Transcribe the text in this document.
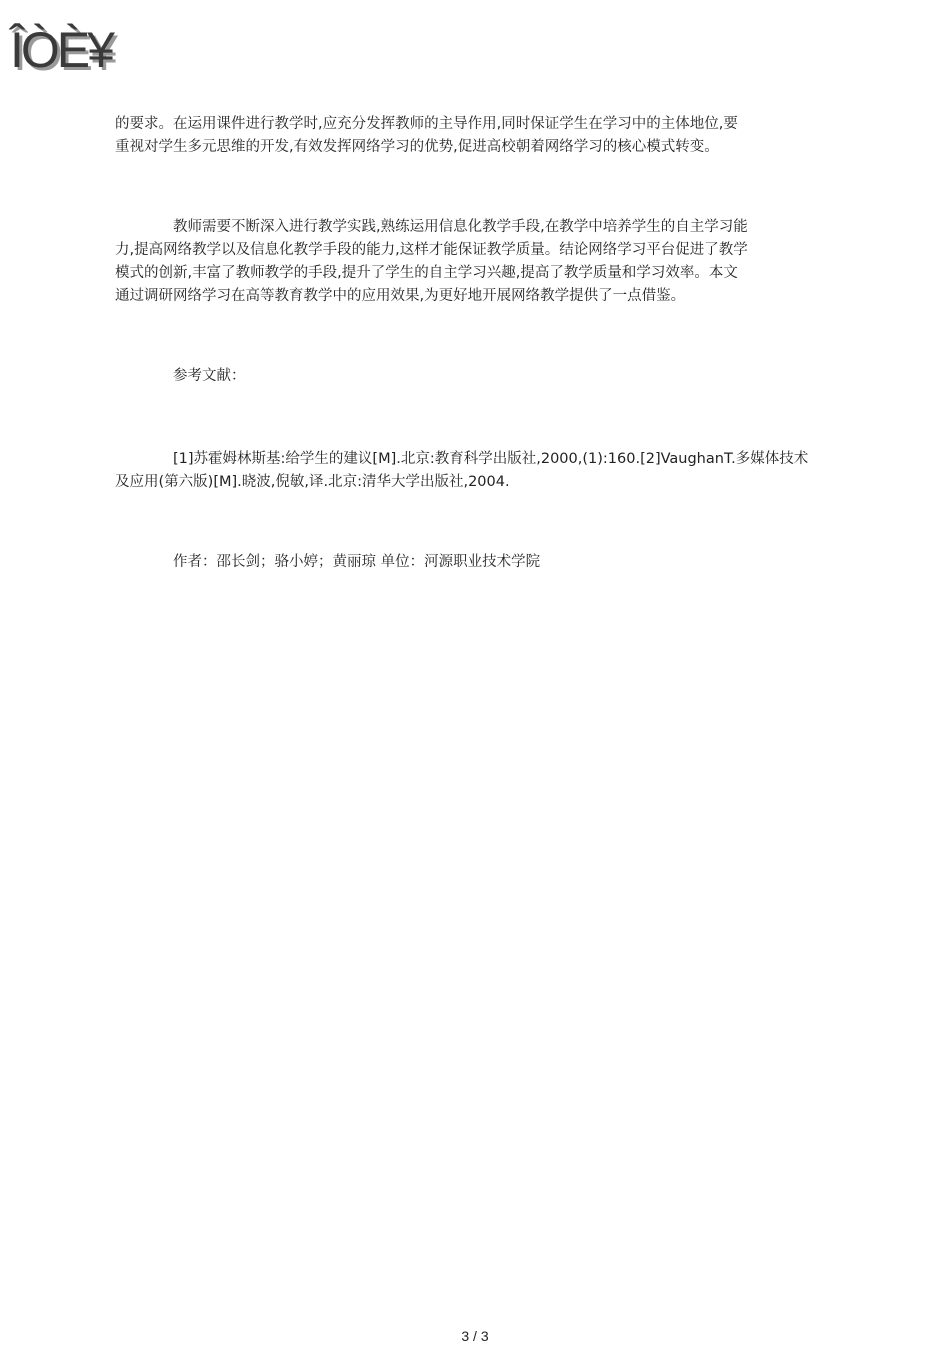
ÎÒÈ¥
的要求。在运用课件进行教学时,应充分发挥教师的主导作用,同时保证学生在学习中的主体地位,要
重视对学生多元思维的开发,有效发挥网络学习的优势,促进高校朝着网络学习的核心模式转变。
教师需要不断深入进行教学实践,熟练运用信息化教学手段,在教学中培养学生的自主学习能
力,提高网络教学以及信息化教学手段的能力,这样才能保证教学质量。结论网络学习平台促进了教学
模式的创新,丰富了教师教学的手段,提升了学生的自主学习兴趣,提高了教学质量和学习效率。本文
通过调研网络学习在高等教育教学中的应用效果,为更好地开展网络教学提供了一点借鉴。
参考文献：
[1]苏霍姆林斯基:给学生的建议[M].北京:教育科学出版社,2000,(1):160.[2]VaughanT.多媒体技术
及应用(第六版)[M].晓波,倪敏,译.北京:清华大学出版社,2004.
作者：邵长剑；骆小婷；黄丽琼 单位：河源职业技术学院
3 / 3
